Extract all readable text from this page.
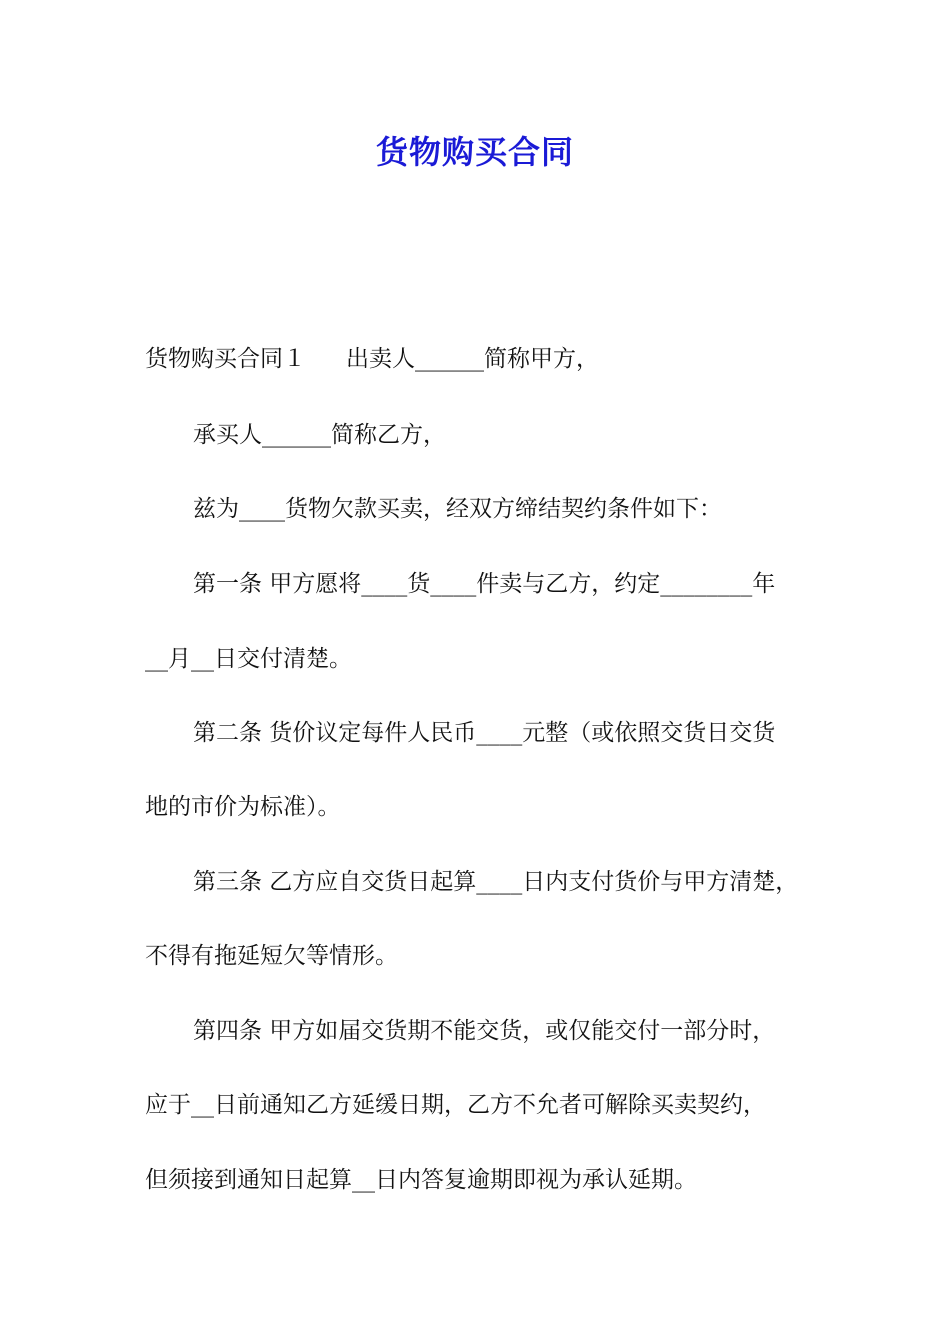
货物购买合同
货物购买合同１ 出卖人______简称甲方，
承买人______简称乙方，
兹为____货物欠款买卖，经双方缔结契约条件如下：
第一条 甲方愿将____货____件卖与乙方，约定________年
__月__日交付清楚。
第二条 货价议定每件人民币____元整（或依照交货日交货
地的市价为标准）。
第三条 乙方应自交货日起算____日内支付货价与甲方清楚，
不得有拖延短欠等情形。
第四条 甲方如届交货期不能交货，或仅能交付一部分时，
应于__日前通知乙方延缓日期，乙方不允者可解除买卖契约，
但须接到通知日起算__日内答复逾期即视为承认延期。
